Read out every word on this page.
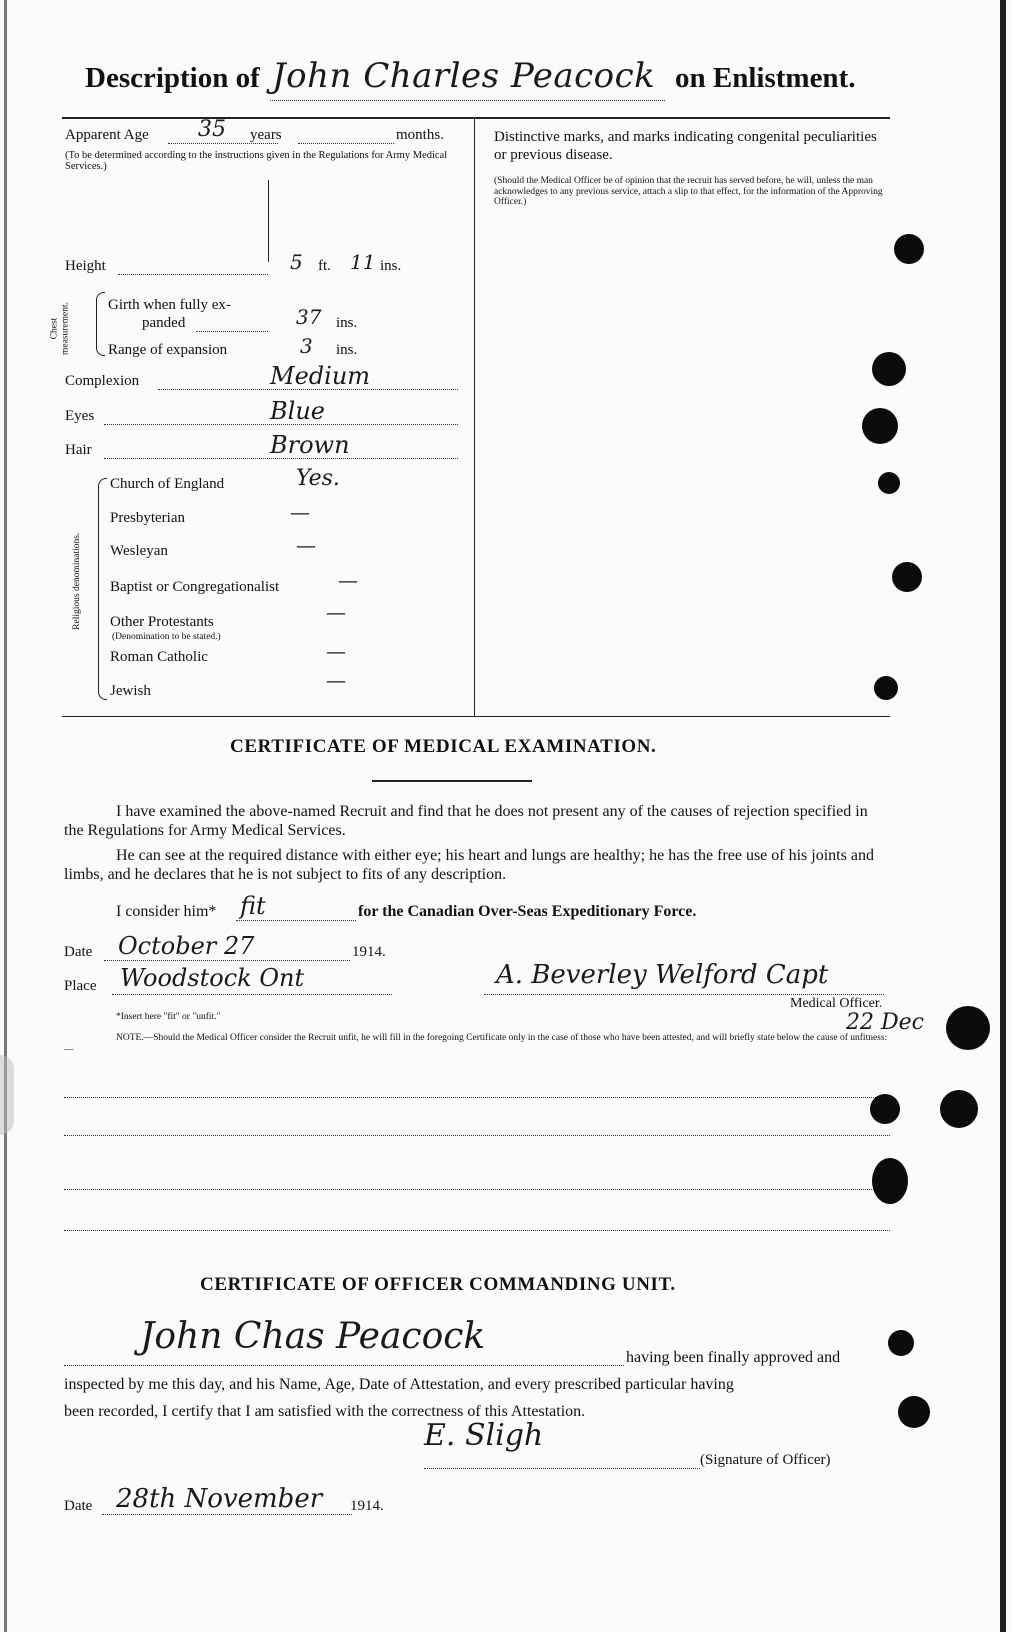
Description of John Charles Peacock on Enlistment.
Apparent Age 35 years	months.
(To be determined according to the instructions given in the Regulations for Army Medical Services.)
Height	5 ft. 11 ins.
Chest measurement.	Girth when fully ex-
panded	37 ins.
Range of expansion	3 ins.
Complexion	Medium
Eyes	Blue
Hair	Brown
Religious denominations.
Church of England	Yes.
Presbyterian	—
Wesleyan	—
Baptist or Congregationalist	—
Other Protestants	—
(Denomination to be stated.)
Roman Catholic	—
Jewish	—
Distinctive marks, and marks indicating congenital peculiarities or previous disease.
(Should the Medical Officer be of opinion that the recruit has served before, he will, unless the man acknowledges to any previous service, attach a slip to that effect, for the information of the Approving Officer.)
CERTIFICATE OF MEDICAL EXAMINATION.
I have examined the above-named Recruit and find that he does not present any of the causes of rejection specified in the Regulations for Army Medical Services.
He can see at the required distance with either eye; his heart and lungs are healthy; he has the free use of his joints and limbs, and he declares that he is not subject to fits of any description.
I consider him* fit	for the Canadian Over-Seas Expeditionary Force.
Date October 27	1914.
Place Woodstock Ont	A. Beverley Welford Capt
Medical Officer.
22 Dec
*Insert here "fit" or "unfit."
NOTE.—Should the Medical Officer consider the Recruit unfit, he will fill in the foregoing Certificate only in the case of those who have been attested, and will briefly state below the cause of unfitness:—
CERTIFICATE OF OFFICER COMMANDING UNIT.
John Chas Peacock
having been finally approved and
inspected by me this day, and his Name, Age, Date of Attestation, and every prescribed particular having
been recorded, I certify that I am satisfied with the correctness of this Attestation.
E. Sligh
(Signature of Officer)
Date 28th November 1914.
